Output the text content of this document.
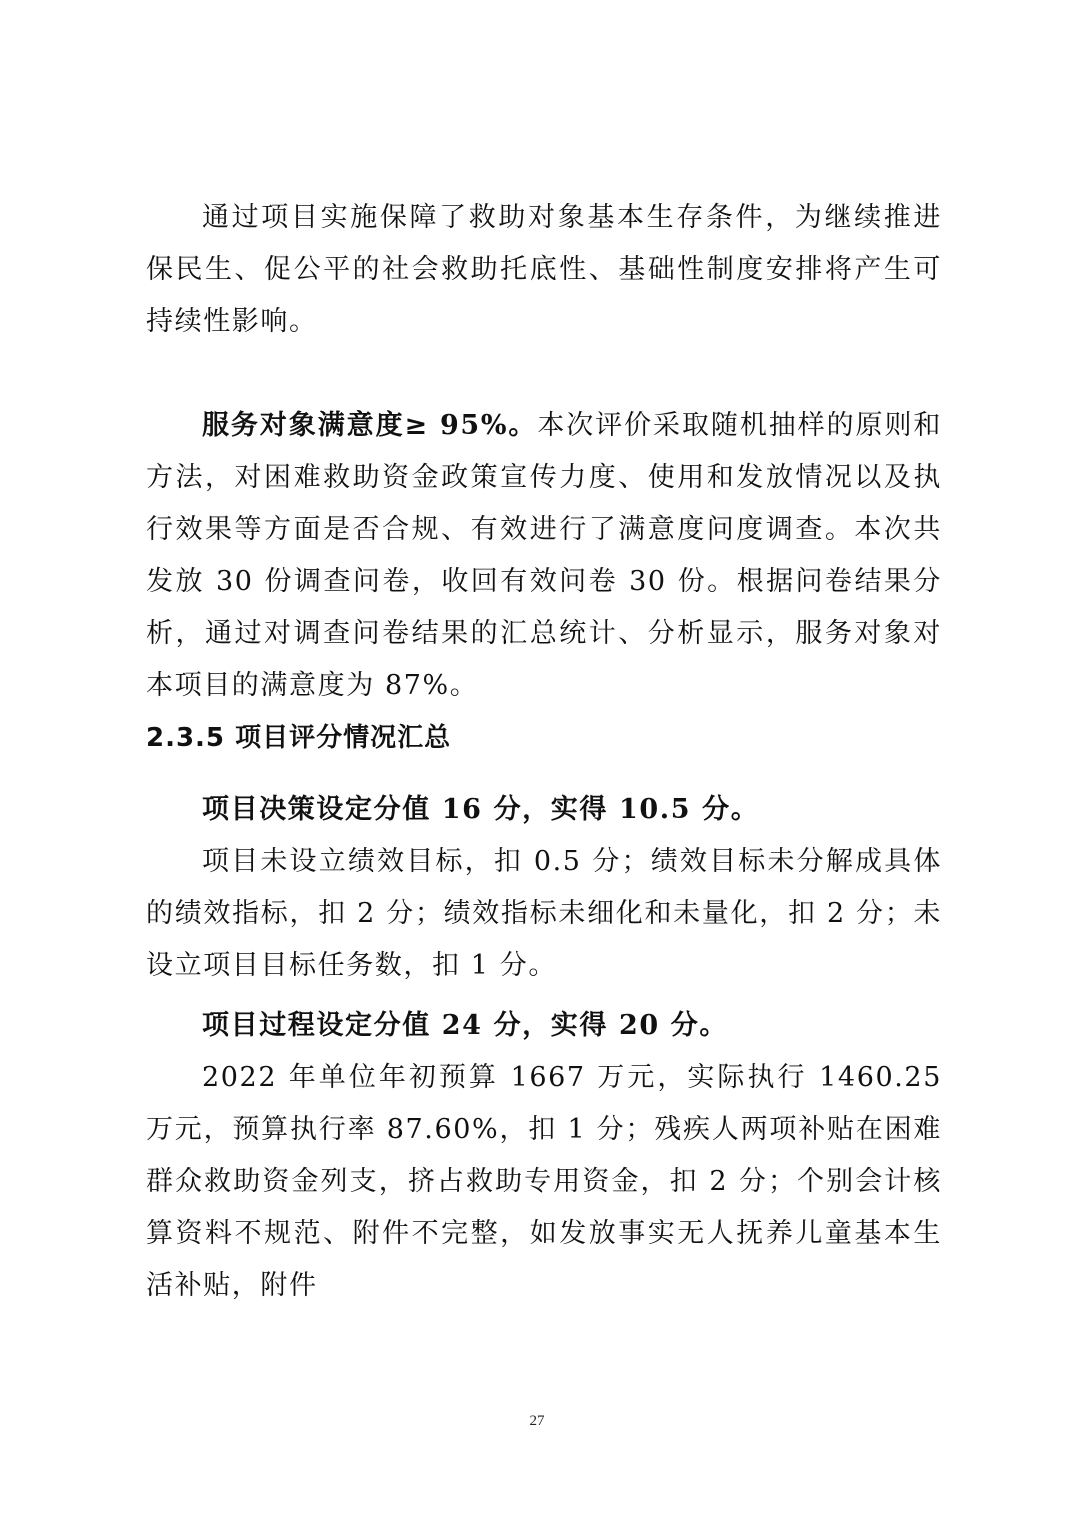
通过项目实施保障了救助对象基本生存条件，为继续推进保民生、促公平的社会救助托底性、基础性制度安排将产生可持续性影响。

服务对象满意度≥ 95%。本次评价采取随机抽样的原则和方法，对困难救助资金政策宣传力度、使用和发放情况以及执行效果等方面是否合规、有效进行了满意度问度调查。本次共发放 30 份调查问卷，收回有效问卷 30 份。根据问卷结果分析，通过对调查问卷结果的汇总统计、分析显示，服务对象对本项目的满意度为 87%。

2.3.5 项目评分情况汇总

项目决策设定分值 16 分，实得 10.5 分。

项目未设立绩效目标，扣 0.5 分；绩效目标未分解成具体的绩效指标，扣 2 分；绩效指标未细化和未量化，扣 2 分；未设立项目目标任务数，扣 1 分。

项目过程设定分值 24 分，实得 20 分。

2022 年单位年初预算 1667 万元，实际执行 1460.25 万元，预算执行率 87.60%，扣 1 分；残疾人两项补贴在困难群众救助资金列支，挤占救助专用资金，扣 2 分；个别会计核算资料不规范、附件不完整，如发放事实无人抚养儿童基本生活补贴，附件

27
